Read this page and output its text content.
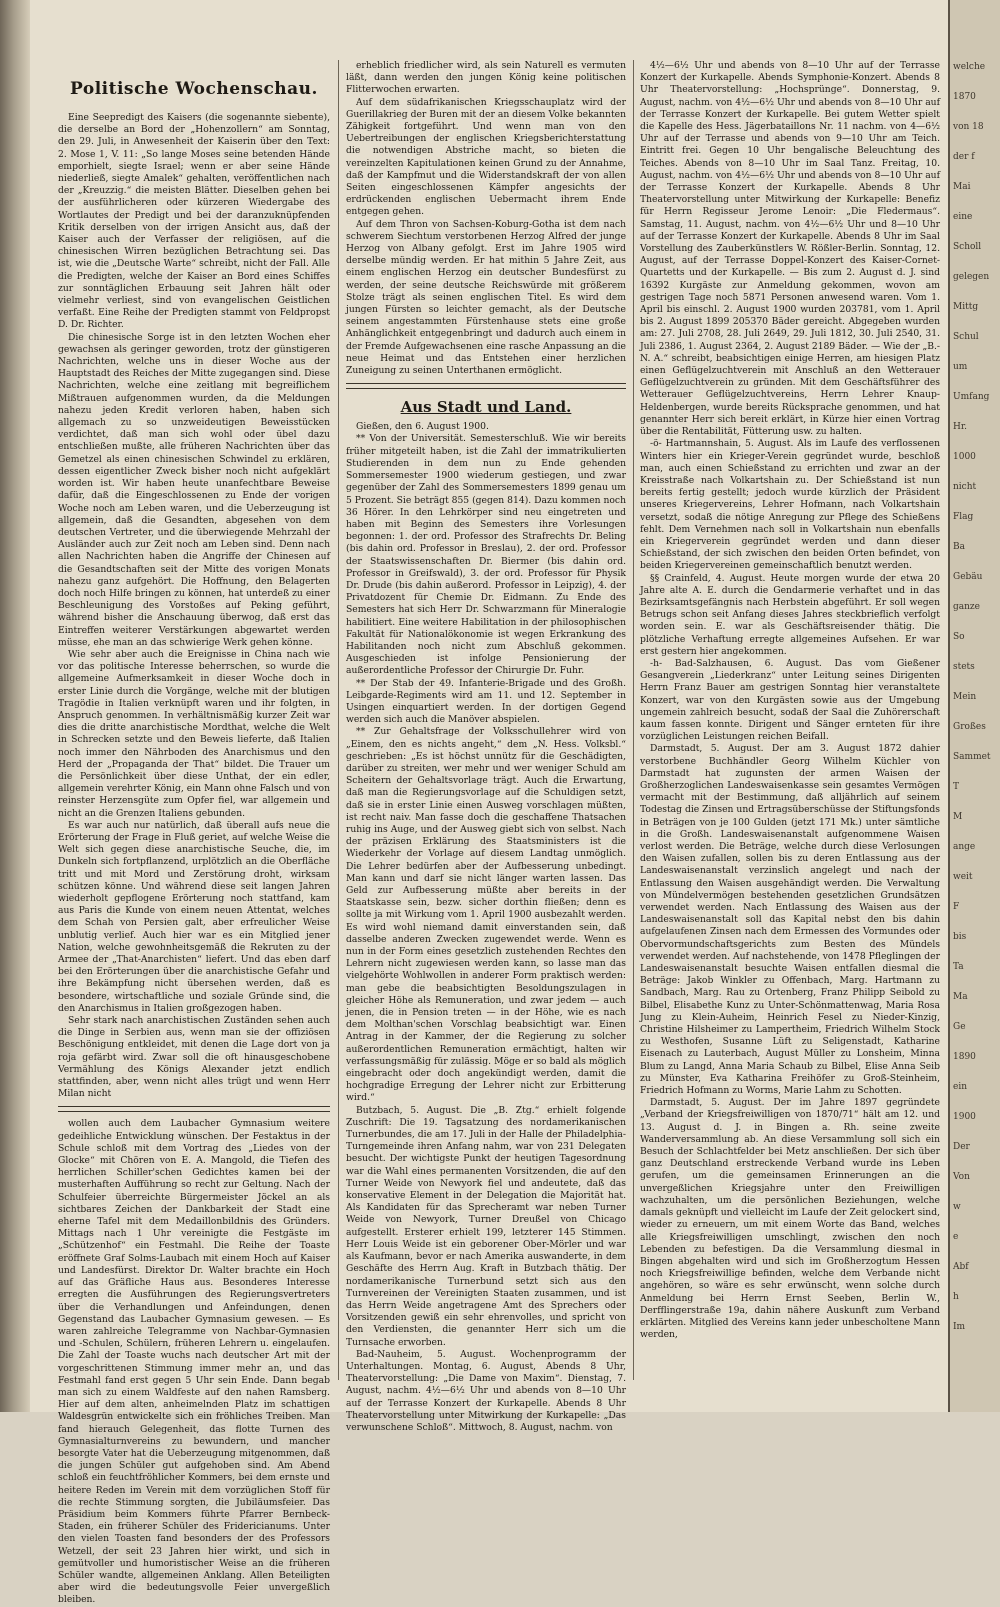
Politische Wochenschau.

Eine Seepredigt des Kaisers (die sogenannte siebente), die derselbe an Bord der „Hohenzollern“ am Sonntag, den 29. Juli, in Anwesenheit der Kaiserin über den Text: 2. Mose 1, V. 11: „So lange Moses seine betenden Hände emporhielt, siegte Israel; wenn er aber seine Hände niederließ, siegte Amalek“ gehalten, veröffentlichen nach der „Kreuzzig.“ die meisten Blätter. Dieselben gehen bei der ausführlicheren oder kürzeren Wiedergabe des Wortlautes der Predigt und bei der daranzuknüpfenden Kritik derselben von der irrigen Ansicht aus, daß der Kaiser auch der Verfasser der religiösen, auf die chinesischen Wirren bezüglichen Betrachtung sei. Das ist, wie die „Deutsche Warte“ schreibt, nicht der Fall. Alle die Predigten, welche der Kaiser an Bord eines Schiffes zur sonntäglichen Erbauung seit Jahren hält oder vielmehr verliest, sind von evangelischen Geistlichen verfaßt. Eine Reihe der Predigten stammt von Feldpropst D. Dr. Richter.

Die chinesische Sorge ist in den letzten Wochen eher gewachsen als geringer geworden, trotz der günstigeren Nachrichten, welche uns in dieser Woche aus der Hauptstadt des Reiches der Mitte zugegangen sind. Diese Nachrichten, welche eine zeitlang mit begreiflichem Mißtrauen aufgenommen wurden, da die Meldungen nahezu jeden Kredit verloren haben, haben sich allgemach zu so unzweideutigen Beweisstücken verdichtet, daß man sich wohl oder übel dazu entschließen mußte, alle früheren Nachrichten über das Gemetzel als einen chinesischen Schwindel zu erklären, dessen eigentlicher Zweck bisher noch nicht aufgeklärt worden ist. Wir haben heute unanfechtbare Beweise dafür, daß die Eingeschlossenen zu Ende der vorigen Woche noch am Leben waren, und die Ueberzeugung ist allgemein, daß die Gesandten, abgesehen von dem deutschen Vertreter, und die überwiegende Mehrzahl der Ausländer auch zur Zeit noch am Leben sind. Denn nach allen Nachrichten haben die Angriffe der Chinesen auf die Gesandtschaften seit der Mitte des vorigen Monats nahezu ganz aufgehört. Die Hoffnung, den Belagerten doch noch Hilfe bringen zu können, hat unterdeß zu einer Beschleunigung des Vorstoßes auf Peking geführt, während bisher die Anschauung überwog, daß erst das Eintreffen weiterer Verstärkungen abgewartet werden müsse, ehe man an das schwierige Werk gehen könne.

Wie sehr aber auch die Ereignisse in China nach wie vor das politische Interesse beherrschen, so wurde die allgemeine Aufmerksamkeit in dieser Woche doch in erster Linie durch die Vorgänge, welche mit der blutigen Tragödie in Italien verknüpft waren und ihr folgten, in Anspruch genommen. In verhältnismäßig kurzer Zeit war dies die dritte anarchistische Mordthat, welche die Welt in Schrecken setzte und den Beweis lieferte, daß Italien noch immer den Nährboden des Anarchismus und den Herd der „Propaganda der That“ bildet. Die Trauer um die Persönlichkeit über diese Unthat, der ein edler, allgemein verehrter König, ein Mann ohne Falsch und von reinster Herzensgüte zum Opfer fiel, war allgemein und nicht an die Grenzen Italiens gebunden.

Es war auch nur natürlich, daß überall aufs neue die Erörterung der Frage in Fluß geriet, auf welche Weise die Welt sich gegen diese anarchistische Seuche, die, im Dunkeln sich fortpflanzend, urplötzlich an die Oberfläche tritt und mit Mord und Zerstörung droht, wirksam schützen könne. Und während diese seit langen Jahren wiederholt gepflogene Erörterung noch stattfand, kam aus Paris die Kunde von einem neuen Attentat, welches dem Schah von Persien galt, aber erfreulicher Weise unblutig verlief. Auch hier war es ein Mitglied jener Nation, welche gewohnheitsgemäß die Rekruten zu der Armee der „That-Anarchisten“ liefert. Und das eben darf bei den Erörterungen über die anarchistische Gefahr und ihre Bekämpfung nicht übersehen werden, daß es besondere, wirtschaftliche und soziale Gründe sind, die den Anarchismus in Italien großgezogen haben.

Sehr stark nach anarchistischen Zuständen sehen auch die Dinge in Serbien aus, wenn man sie der offiziösen Beschönigung entkleidet, mit denen die Lage dort von ja roja gefärbt wird. Zwar soll die oft hinausgeschobene Vermählung des Königs Alexander jetzt endlich stattfinden, aber, wenn nicht alles trügt und wenn Herr Milan nicht

wollen auch dem Laubacher Gymnasium weitere gedeihliche Entwicklung wünschen. Der Festaktus in der Schule schloß mit dem Vortrag des „Liedes von der Glocke“ mit Chören von E. A. Mangold, die Tiefen des herrlichen Schiller'schen Gedichtes kamen bei der musterhaften Aufführung so recht zur Geltung. Nach der Schulfeier überreichte Bürgermeister Jöckel an als sichtbares Zeichen der Dankbarkeit der Stadt eine eherne Tafel mit dem Medaillonbildnis des Gründers. Mittags nach 1 Uhr vereinigte die Festgäste im „Schützenhof“ ein Festmahl. Die Reihe der Toaste eröffnete Graf Solms-Laubach mit einem Hoch auf Kaiser und Landesfürst. Direktor Dr. Walter brachte ein Hoch auf das Gräfliche Haus aus. Besonderes Interesse erregten die Ausführungen des Regierungsvertreters über die Verhandlungen und Anfeindungen, denen Gegenstand das Laubacher Gymnasium gewesen. — Es waren zahlreiche Telegramme von Nachbar-Gymnasien und -Schulen, Schülern, früheren Lehrern u. eingelaufen. Die Zahl der Toaste wuchs nach deutscher Art mit der vorgeschrittenen Stimmung immer mehr an, und das Festmahl fand erst gegen 5 Uhr sein Ende. Dann begab man sich zu einem Waldfeste auf den nahen Ramsberg. Hier auf dem alten, anheimelnden Platz im schattigen Waldesgrün entwickelte sich ein fröhliches Treiben. Man fand hierauch Gelegenheit, das flotte Turnen des Gymnasialturnvereins zu bewundern, und mancher besorgte Vater hat die Ueberzeugung mitgenommen, daß die jungen Schüler gut aufgehoben sind. Am Abend schloß ein feuchtfröhlicher Kommers, bei dem ernste und heitere Reden im Verein mit dem vorzüglichen Stoff für die rechte Stimmung sorgten, die Jubiläumsfeier. Das Präsidium beim Kommers führte Pfarrer Bernbeck-Staden, ein früherer Schüler des Fridericianums. Unter den vielen Toasten fand besonders der des Professors Wetzell, der seit 23 Jahren hier wirkt, und sich in gemütvoller und humoristischer Weise an die früheren Schüler wandte, allgemeinen Anklang. Allen Beteiligten aber wird die bedeutungsvolle Feier unvergeßlich bleiben.

erheblich friedlicher wird, als sein Naturell es vermuten läßt, dann werden den jungen König keine politischen Flitterwochen erwarten.

Auf dem südafrikanischen Kriegsschauplatz wird der Guerillakrieg der Buren mit der an diesem Volke bekannten Zähigkeit fortgeführt. Und wenn man von den Uebertreibungen der englischen Kriegsberichterstattung die notwendigen Abstriche macht, so bieten die vereinzelten Kapitulationen keinen Grund zu der Annahme, daß der Kampfmut und die Widerstandskraft der von allen Seiten eingeschlossenen Kämpfer angesichts der erdrückenden englischen Uebermacht ihrem Ende entgegen gehen.

Auf dem Thron von Sachsen-Koburg-Gotha ist dem nach schwerem Siechtum verstorbenen Herzog Alfred der junge Herzog von Albany gefolgt. Erst im Jahre 1905 wird derselbe mündig werden. Er hat mithin 5 Jahre Zeit, aus einem englischen Herzog ein deutscher Bundesfürst zu werden, der seine deutsche Reichswürde mit größerem Stolze trägt als seinen englischen Titel. Es wird dem jungen Fürsten so leichter gemacht, als der Deutsche seinem angestammten Fürstenhause stets eine große Anhänglichkeit entgegenbringt und dadurch auch einem in der Fremde Aufgewachsenen eine rasche Anpassung an die neue Heimat und das Entstehen einer herzlichen Zuneigung zu seinen Unterthanen ermöglicht.

Aus Stadt und Land.

Gießen, den 6. August 1900.

** Von der Universität. Semesterschluß. Wie wir bereits früher mitgeteilt haben, ist die Zahl der immatrikulierten Studierenden in dem nun zu Ende gehenden Sommersemester 1900 wiederum gestiegen, und zwar gegenüber der Zahl des Sommersemesters 1899 genau um 5 Prozent. Sie beträgt 855 (gegen 814). Dazu kommen noch 36 Hörer. In den Lehrkörper sind neu eingetreten und haben mit Beginn des Semesters ihre Vorlesungen begonnen: 1. der ord. Professor des Strafrechts Dr. Beling (bis dahin ord. Professor in Breslau), 2. der ord. Professor der Staatswissenschaften Dr. Biermer (bis dahin ord. Professor in Greifswald), 3. der ord. Professor für Physik Dr. Drude (bis dahin außerord. Professor in Leipzig), 4. der Privatdozent für Chemie Dr. Eidmann. Zu Ende des Semesters hat sich Herr Dr. Schwarzmann für Mineralogie habilitiert. Eine weitere Habilitation in der philosophischen Fakultät für Nationalökonomie ist wegen Erkrankung des Habilitanden noch nicht zum Abschluß gekommen. Ausgeschieden ist infolge Pensionierung der außerordentliche Professor der Chirurgie Dr. Fuhr.

** Der Stab der 49. Infanterie-Brigade und des Großh. Leibgarde-Regiments wird am 11. und 12. September in Usingen einquartiert werden. In der dortigen Gegend werden sich auch die Manöver abspielen.

** Zur Gehaltsfrage der Volksschullehrer wird von „Einem, den es nichts angeht,“ dem „N. Hess. Volksbl.“ geschrieben: „Es ist höchst unnütz für die Geschädigten, darüber zu streiten, wer mehr und wer weniger Schuld am Scheitern der Gehaltsvorlage trägt. Auch die Erwartung, daß man die Regierungsvorlage auf die Schuldigen setzt, daß sie in erster Linie einen Ausweg vorschlagen müßten, ist recht naiv. Man fasse doch die geschaffene Thatsachen ruhig ins Auge, und der Ausweg giebt sich von selbst. Nach der präzisen Erklärung des Staatsministers ist die Wiederkehr der Vorlage auf diesem Landtag unmöglich. Die Lehrer bedürfen aber der Aufbesserung unbedingt. Man kann und darf sie nicht länger warten lassen. Das Geld zur Aufbesserung müßte aber bereits in der Staatskasse sein, bezw. sicher dorthin fließen; denn es sollte ja mit Wirkung vom 1. April 1900 ausbezahlt werden. Es wird wohl niemand damit einverstanden sein, daß dasselbe anderen Zwecken zugewendet werde. Wenn es nun in der Form eines gesetzlich zustehenden Rechtes den Lehrern nicht zugewiesen werden kann, so lasse man das vielgehörte Wohlwollen in anderer Form praktisch werden: man gebe die beabsichtigten Besoldungszulagen in gleicher Höhe als Remuneration, und zwar jedem — auch jenen, die in Pension treten — in der Höhe, wie es nach dem Molthan'schen Vorschlag beabsichtigt war. Einen Antrag in der Kammer, der die Regierung zu solcher außerordentlichen Remuneration ermächtigt, halten wir verfassungsmäßig für zulässig. Möge er so bald als möglich eingebracht oder doch angekündigt werden, damit die hochgradige Erregung der Lehrer nicht zur Erbitterung wird.“

Butzbach, 5. August. Die „B. Ztg.“ erhielt folgende Zuschrift: Die 19. Tagsatzung des nordamerikanischen Turnerbundes, die am 17. Juli in der Halle der Philadelphia-Turngemeinde ihren Anfang nahm, war von 231 Delegaten besucht. Der wichtigste Punkt der heutigen Tagesordnung war die Wahl eines permanenten Vorsitzenden, die auf den Turner Weide von Newyork fiel und andeutete, daß das konservative Element in der Delegation die Majorität hat. Als Kandidaten für das Sprecheramt war neben Turner Weide von Newyork, Turner Dreußel von Chicago aufgestellt. Ersterer erhielt 199, letzterer 145 Stimmen. Herr Louis Weide ist ein geborener Ober-Mörler und war als Kaufmann, bevor er nach Amerika auswanderte, in dem Geschäfte des Herrn Aug. Kraft in Butzbach thätig. Der nordamerikanische Turnerbund setzt sich aus den Turnvereinen der Vereinigten Staaten zusammen, und ist das Herrn Weide angetragene Amt des Sprechers oder Vorsitzenden gewiß ein sehr ehrenvolles, und spricht von den Verdiensten, die genannter Herr sich um die Turnsache erworben.

Bad-Nauheim, 5. August. Wochenprogramm der Unterhaltungen. Montag, 6. August, Abends 8 Uhr, Theatervorstellung: „Die Dame von Maxim“. Dienstag, 7. August, nachm. 4½—6½ Uhr und abends von 8—10 Uhr auf der Terrasse Konzert der Kurkapelle. Abends 8 Uhr Theatervorstellung unter Mitwirkung der Kurkapelle: „Das verwunschene Schloß“. Mittwoch, 8. August, nachm. von

4½—6½ Uhr und abends von 8—10 Uhr auf der Terrasse Konzert der Kurkapelle. Abends Symphonie-Konzert. Abends 8 Uhr Theatervorstellung: „Hochsprünge“. Donnerstag, 9. August, nachm. von 4½—6½ Uhr und abends von 8—10 Uhr auf der Terrasse Konzert der Kurkapelle. Bei gutem Wetter spielt die Kapelle des Hess. Jägerbataillons Nr. 11 nachm. von 4—6½ Uhr auf der Terrasse und abends von 9—10 Uhr am Teich. Eintritt frei. Gegen 10 Uhr bengalische Beleuchtung des Teiches. Abends von 8—10 Uhr im Saal Tanz. Freitag, 10. August, nachm. von 4½—6½ Uhr und abends von 8—10 Uhr auf der Terrasse Konzert der Kurkapelle. Abends 8 Uhr Theatervorstellung unter Mitwirkung der Kurkapelle: Benefiz für Herrn Regisseur Jerome Lenoir: „Die Fledermaus“. Samstag, 11. August, nachm. von 4½—6½ Uhr und 8—10 Uhr auf der Terrasse Konzert der Kurkapelle. Abends 8 Uhr im Saal Vorstellung des Zauberkünstlers W. Rößler-Berlin. Sonntag, 12. August, auf der Terrasse Doppel-Konzert des Kaiser-Cornet-Quartetts und der Kurkapelle. — Bis zum 2. August d. J. sind 16392 Kurgäste zur Anmeldung gekommen, wovon am gestrigen Tage noch 5871 Personen anwesend waren. Vom 1. April bis einschl. 2. August 1900 wurden 203781, vom 1. April bis 2. August 1899 205370 Bäder gereicht. Abgegeben wurden am: 27. Juli 2708, 28. Juli 2649, 29. Juli 1812, 30. Juli 2540, 31. Juli 2386, 1. August 2364, 2. August 2189 Bäder. — Wie der „B.-N. A.“ schreibt, beabsichtigen einige Herren, am hiesigen Platz einen Geflügelzuchtverein mit Anschluß an den Wetterauer Geflügelzuchtverein zu gründen. Mit dem Geschäftsführer des Wetterauer Geflügelzuchtvereins, Herrn Lehrer Knaup-Heldenbergen, wurde bereits Rücksprache genommen, und hat genannter Herr sich bereit erklärt, in Kürze hier einen Vortrag über die Rentabilität, Fütterung usw. zu halten.

-ö- Hartmannshain, 5. August. Als im Laufe des verflossenen Winters hier ein Krieger-Verein gegründet wurde, beschloß man, auch einen Schießstand zu errichten und zwar an der Kreisstraße nach Volkartshain zu. Der Schießstand ist nun bereits fertig gestellt; jedoch wurde kürzlich der Präsident unseres Kriegervereins, Lehrer Hofmann, nach Volkartshain versetzt, sodaß die nötige Anregung zur Pflege des Schießens fehlt. Dem Vernehmen nach soll in Volkartshain nun ebenfalls ein Kriegerverein gegründet werden und dann dieser Schießstand, der sich zwischen den beiden Orten befindet, von beiden Kriegervereinen gemeinschaftlich benutzt werden.

§§ Crainfeld, 4. August. Heute morgen wurde der etwa 20 Jahre alte A. E. durch die Gendarmerie verhaftet und in das Bezirksamtsgefängnis nach Herbstein abgeführt. Er soll wegen Betrugs schon seit Anfang dieses Jahres steckbrieflich verfolgt worden sein. E. war als Geschäftsreisender thätig. Die plötzliche Verhaftung erregte allgemeines Aufsehen. Er war erst gestern hier angekommen.

-h- Bad-Salzhausen, 6. August. Das vom Gießener Gesangverein „Liederkranz“ unter Leitung seines Dirigenten Herrn Franz Bauer am gestrigen Sonntag hier veranstaltete Konzert, war von den Kurgästen sowie aus der Umgebung ungemein zahlreich besucht, sodaß der Saal die Zuhörerschaft kaum fassen konnte. Dirigent und Sänger ernteten für ihre vorzüglichen Leistungen reichen Beifall.

Darmstadt, 5. August. Der am 3. August 1872 dahier verstorbene Buchhändler Georg Wilhelm Küchler von Darmstadt hat zugunsten der armen Waisen der Großherzoglichen Landeswaisenkasse sein gesamtes Vermögen vermacht mit der Bestimmung, daß alljährlich auf seinem Todestag die Zinsen und Ertragsüberschüsse der Stiftungsfonds in Beträgen von je 100 Gulden (jetzt 171 Mk.) unter sämtliche in die Großh. Landeswaisenanstalt aufgenommene Waisen verlost werden. Die Beträge, welche durch diese Verlosungen den Waisen zufallen, sollen bis zu deren Entlassung aus der Landeswaisenanstalt verzinslich angelegt und nach der Entlassung den Waisen ausgehändigt werden. Die Verwaltung von Mündelvermögen bestehenden gesetzlichen Grundsätzen verwendet werden. Nach Entlassung des Waisen aus der Landeswaisenanstalt soll das Kapital nebst den bis dahin aufgelaufenen Zinsen nach dem Ermessen des Vormundes oder Obervormundschaftsgerichts zum Besten des Mündels verwendet werden. Auf nachstehende, von 1478 Pfleglingen der Landeswaisenanstalt besuchte Waisen entfallen diesmal die Beträge: Jakob Winkler zu Offenbach, Marg. Hartmann zu Sandbach, Marg. Rau zu Ortenberg, Franz Philipp Seibold zu Bilbel, Elisabethe Kunz zu Unter-Schönmattenwag, Maria Rosa Jung zu Klein-Auheim, Heinrich Fesel zu Nieder-Kinzig, Christine Hilsheimer zu Lampertheim, Friedrich Wilhelm Stock zu Westhofen, Susanne Lüft zu Seligenstadt, Katharine Eisenach zu Lauterbach, August Müller zu Lonsheim, Minna Blum zu Langd, Anna Maria Schaub zu Bilbel, Elise Anna Seib zu Münster, Eva Katharina Freihöfer zu Groß-Steinheim, Friedrich Hofmann zu Worms, Marie Lahm zu Schotten.

Darmstadt, 5. August. Der im Jahre 1897 gegründete „Verband der Kriegsfreiwilligen von 1870/71“ hält am 12. und 13. August d. J. in Bingen a. Rh. seine zweite Wanderversammlung ab. An diese Versammlung soll sich ein Besuch der Schlachtfelder bei Metz anschließen. Der sich über ganz Deutschland erstreckende Verband wurde ins Leben gerufen, um die gemeinsamen Erinnerungen an die unvergeßlichen Kriegsjahre unter den Freiwilligen wachzuhalten, um die persönlichen Beziehungen, welche damals geknüpft und vielleicht im Laufe der Zeit gelockert sind, wieder zu erneuern, um mit einem Worte das Band, welches alle Kriegsfreiwilligen umschlingt, zwischen den noch Lebenden zu befestigen. Da die Versammlung diesmal in Bingen abgehalten wird und sich im Großherzogtum Hessen noch Kriegsfreiwillige befinden, welche dem Verbande nicht angehören, so wäre es sehr erwünscht, wenn solche durch Anmeldung bei Herrn Ernst Seeben, Berlin W., Derfflingerstraße 19a, dahin nähere Auskunft zum Verband erklärten. Mitglied des Vereins kann jeder unbescholtene Mann werden,

welche

1870

von 18

der f

Mai

eine

Scholl

gelegen

Mittg

Schul

um

Umfang

Hr.

1000

nicht

Flag

Ba

Gebäu

ganze

So

stets

Mein

Großes

Sammet

T

M

ange

weit

F

bis

Ta

Ma

Ge

1890

ein

1900

Der

Von

w

e

Abf

h

Im
